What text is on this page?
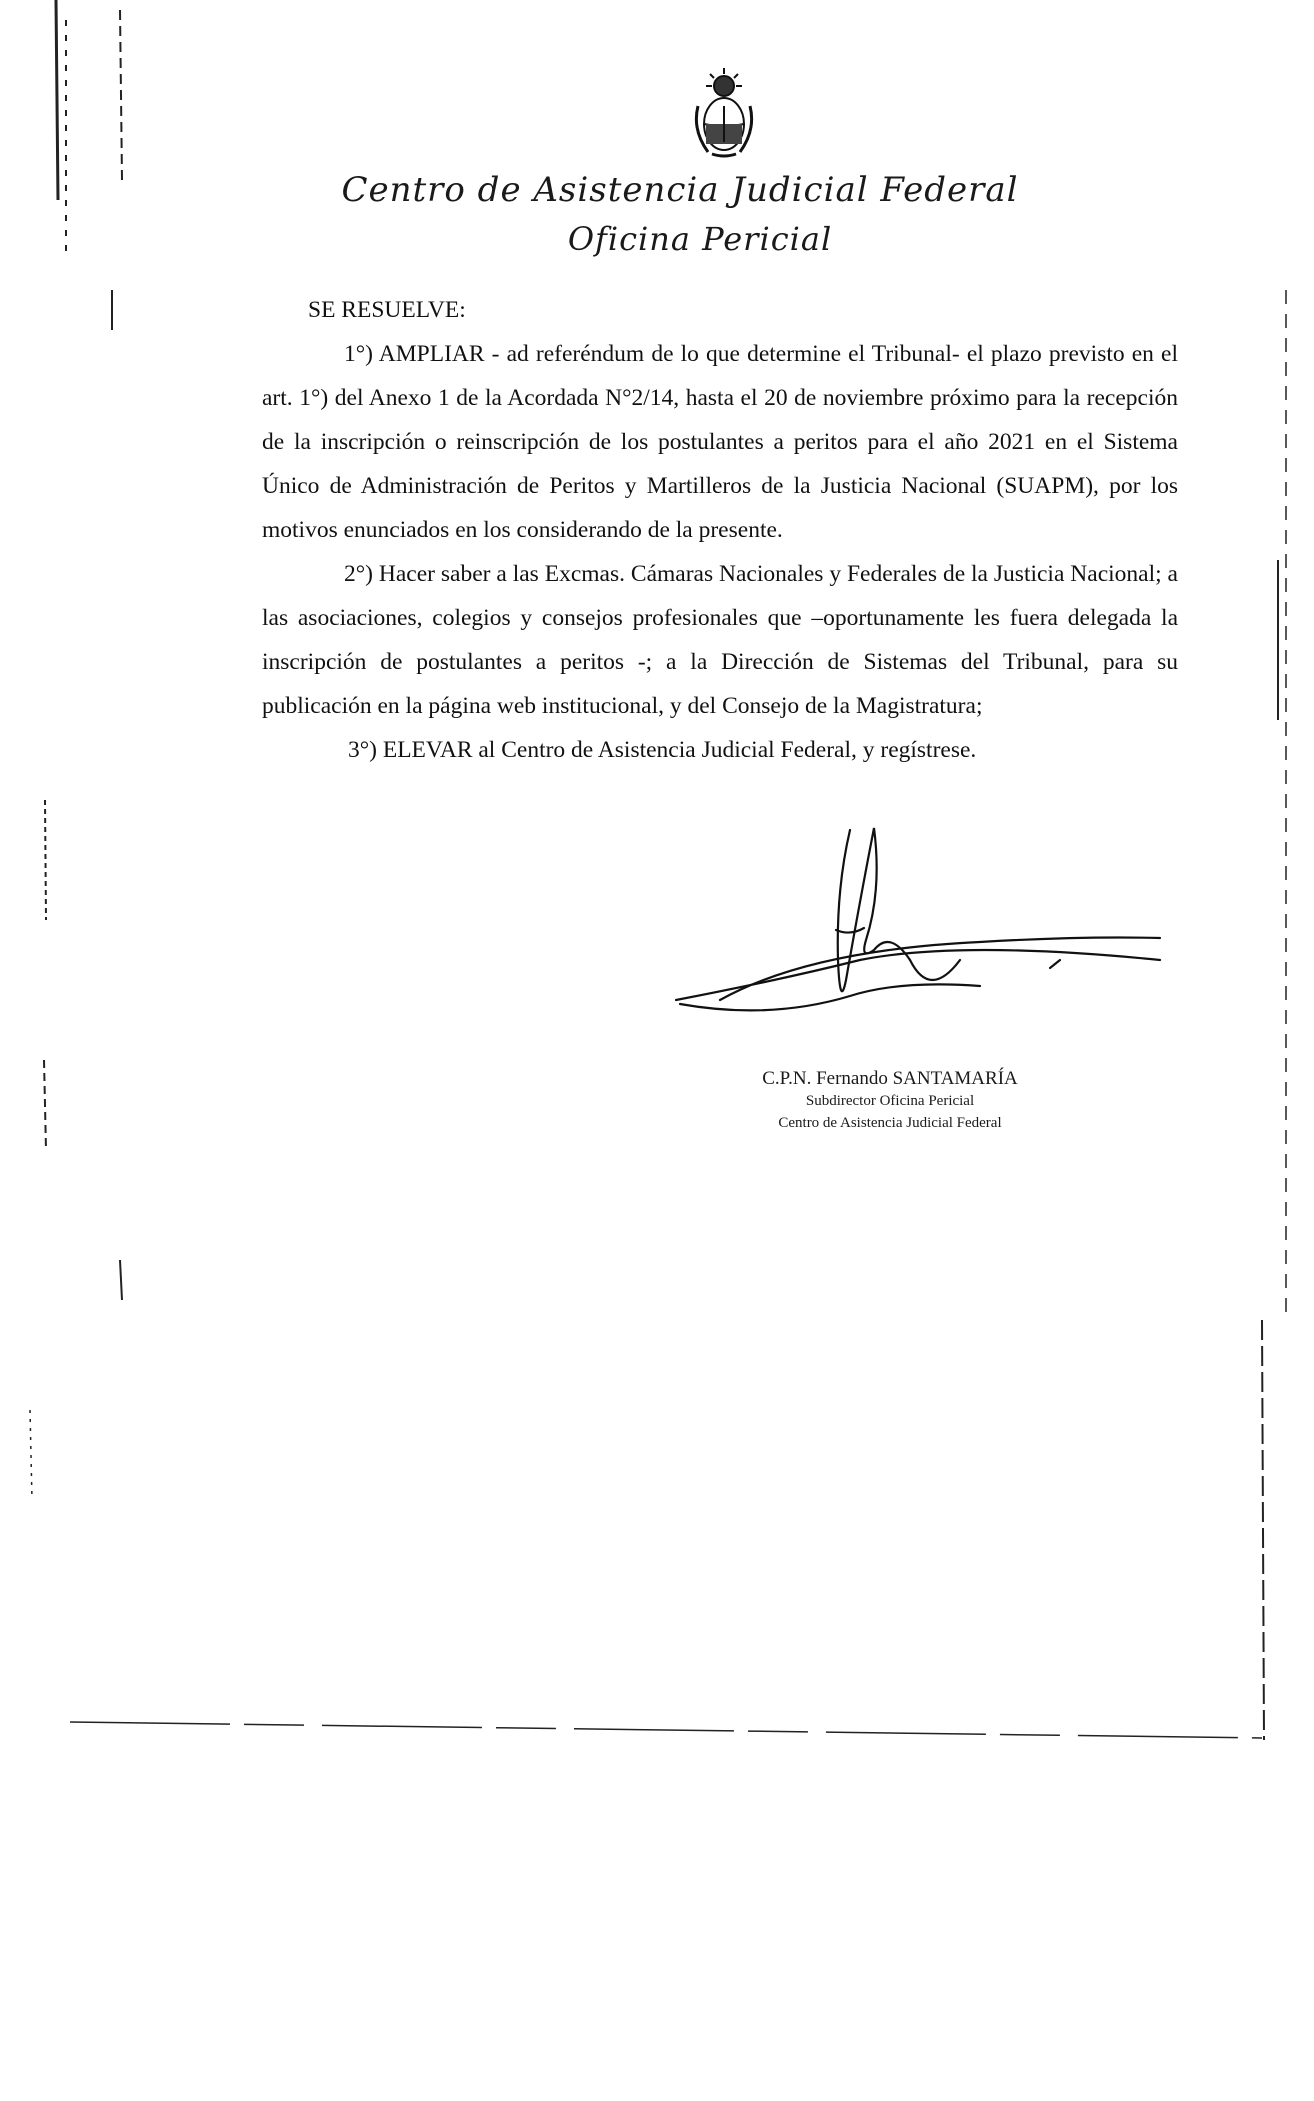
Centro de Asistencia Judicial Federal
Oficina Pericial

SE RESUELVE:

1°) AMPLIAR - ad referéndum de lo que determine el Tribunal- el plazo previsto en el art. 1°) del Anexo 1 de la Acordada N°2/14, hasta el 20 de noviembre próximo para la recepción de la inscripción o reinscripción de los postulantes a peritos para el año 2021 en el Sistema Único de Administración de Peritos y Martilleros de la Justicia Nacional (SUAPM), por los motivos enunciados en los considerando de la presente.

2°) Hacer saber a las Excmas. Cámaras Nacionales y Federales de la Justicia Nacional; a las asociaciones, colegios y consejos profesionales que –oportunamente les fuera delegada la inscripción de postulantes a peritos -; a la Dirección de Sistemas del Tribunal, para su publicación en la página web institucional, y del Consejo de la Magistratura;

3°) ELEVAR al Centro de Asistencia Judicial Federal, y regístrese.

C.P.N. Fernando SANTAMARÍA
Subdirector Oficina Pericial
Centro de Asistencia Judicial Federal
